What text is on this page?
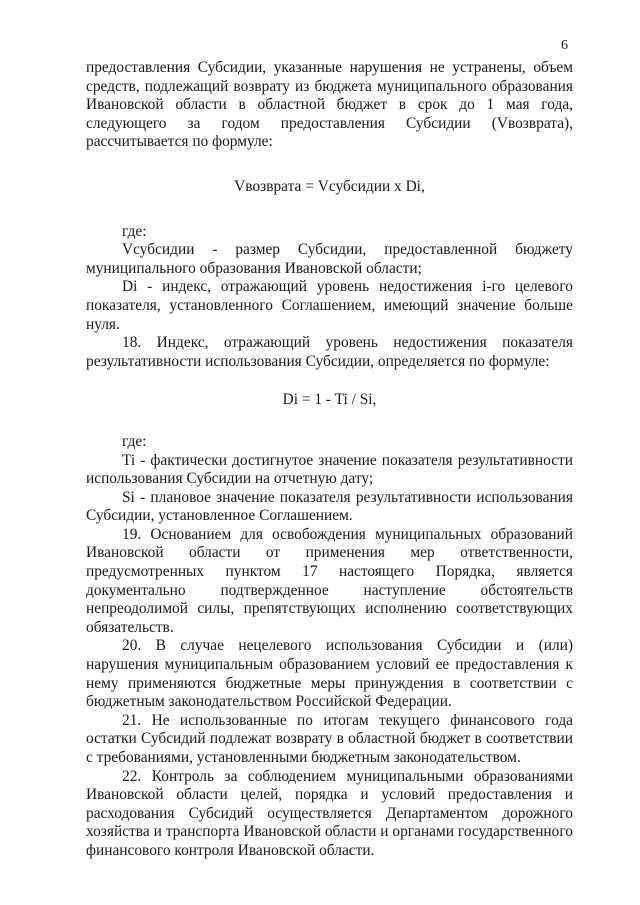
6

предоставления Субсидии, указанные нарушения не устранены, объем средств, подлежащий возврату из бюджета муниципального образования Ивановской области в областной бюджет в срок до 1 мая года, следующего за годом предоставления Субсидии (Vвозврата), рассчитывается по формуле:

Vвозврата = Vсубсидии x Di,

где:

Vсубсидии - размер Субсидии, предоставленной бюджету муниципального образования Ивановской области;

Di - индекс, отражающий уровень недостижения i-го целевого показателя, установленного Соглашением, имеющий значение больше нуля.

18. Индекс, отражающий уровень недостижения показателя результативности использования Субсидии, определяется по формуле:

Di = 1 - Ti / Si,

где:

Ti - фактически достигнутое значение показателя результативности использования Субсидии на отчетную дату;

Si - плановое значение показателя результативности использования Субсидии, установленное Соглашением.

19. Основанием для освобождения муниципальных образований Ивановской области от применения мер ответственности, предусмотренных пунктом 17 настоящего Порядка, является документально подтвержденное наступление обстоятельств непреодолимой силы, препятствующих исполнению соответствующих обязательств.

20. В случае нецелевого использования Субсидии и (или) нарушения муниципальным образованием условий ее предоставления к нему применяются бюджетные меры принуждения в соответствии с бюджетным законодательством Российской Федерации.

21. Не использованные по итогам текущего финансового года остатки Субсидий подлежат возврату в областной бюджет в соответствии с требованиями, установленными бюджетным законодательством.

22. Контроль за соблюдением муниципальными образованиями Ивановской области целей, порядка и условий предоставления и расходования Субсидий осуществляется Департаментом дорожного хозяйства и транспорта Ивановской области и органами государственного финансового контроля Ивановской области.
